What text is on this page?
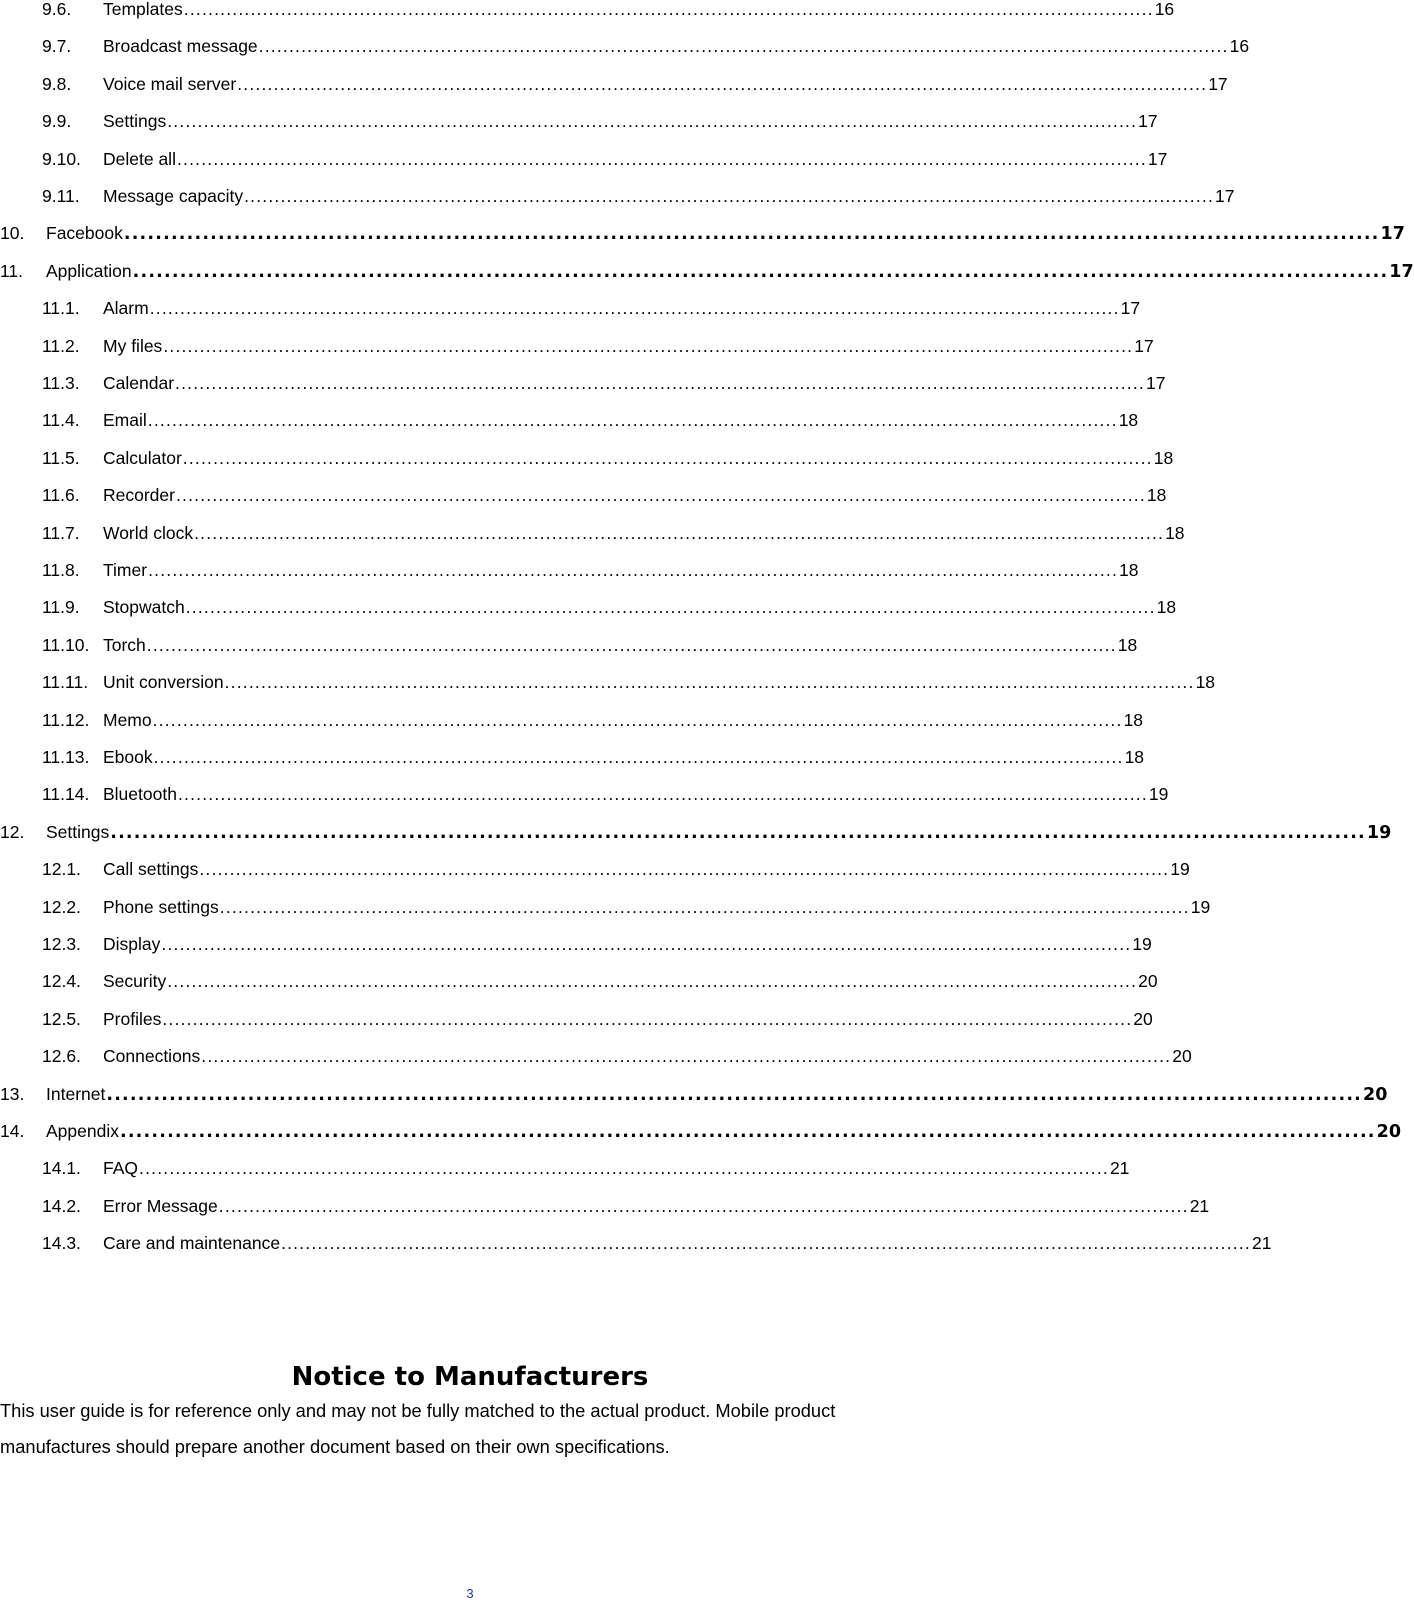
9.6. Templates ................................................................................................................................................................ 16
9.7. Broadcast message ................................................................................................................................................................ 16
9.8. Voice mail server ................................................................................................................................................................ 17
9.9. Settings ................................................................................................................................................................ 17
9.10. Delete all ................................................................................................................................................................ 17
9.11. Message capacity ................................................................................................................................................................ 17
10. Facebook ................................................................................................................................................................ 17
11. Application ................................................................................................................................................................ 17
11.1. Alarm ................................................................................................................................................................ 17
11.2. My files ................................................................................................................................................................ 17
11.3. Calendar ................................................................................................................................................................ 17
11.4. Email ................................................................................................................................................................ 18
11.5. Calculator ................................................................................................................................................................ 18
11.6. Recorder ................................................................................................................................................................ 18
11.7. World clock ................................................................................................................................................................ 18
11.8. Timer ................................................................................................................................................................ 18
11.9. Stopwatch ................................................................................................................................................................ 18
11.10. Torch ................................................................................................................................................................ 18
11.11. Unit conversion ................................................................................................................................................................ 18
11.12. Memo ................................................................................................................................................................ 18
11.13. Ebook ................................................................................................................................................................ 18
11.14. Bluetooth ................................................................................................................................................................ 19
12. Settings ................................................................................................................................................................ 19
12.1. Call settings ................................................................................................................................................................ 19
12.2. Phone settings ................................................................................................................................................................ 19
12.3. Display ................................................................................................................................................................ 19
12.4. Security ................................................................................................................................................................ 20
12.5. Profiles ................................................................................................................................................................ 20
12.6. Connections ................................................................................................................................................................ 20
13. Internet ................................................................................................................................................................ 20
14. Appendix ................................................................................................................................................................ 20
14.1. FAQ ................................................................................................................................................................ 21
14.2. Error Message ................................................................................................................................................................ 21
14.3. Care and maintenance ................................................................................................................................................................ 21
Notice to Manufacturers
This user guide is for reference only and may not be fully matched to the actual product. Mobile product manufactures should prepare another document based on their own specifications.
3
